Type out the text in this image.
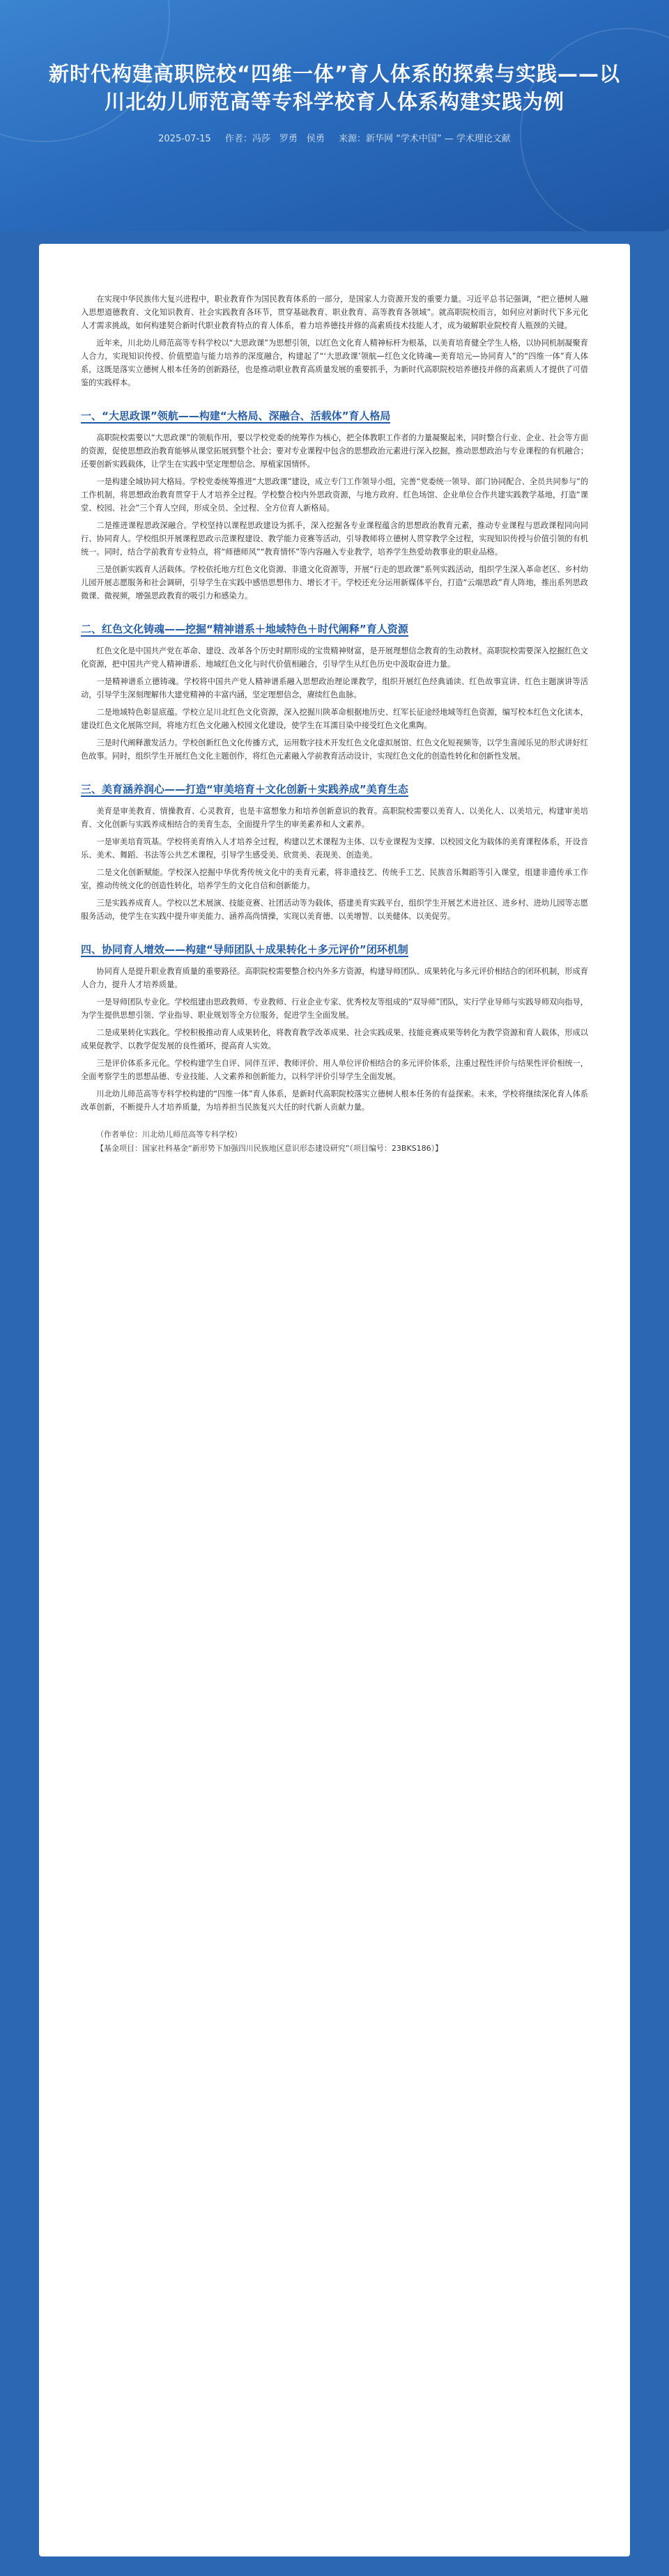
新时代构建高职院校“四维一体”育人体系的探索与实践——以川北幼儿师范高等专科学校育人体系构建实践为例
2025-07-15 作者：冯莎　罗勇　侯勇 来源：新华网 “学术中国” — 学术理论文献

在实现中华民族伟大复兴进程中，职业教育作为国民教育体系的一部分，是国家人力资源开发的重要力量。习近平总书记强调，“把立德树人融入思想道德教育、文化知识教育、社会实践教育各环节，贯穿基础教育、职业教育、高等教育各领域”。就高职院校而言，如何应对新时代下多元化人才需求挑战，如何构建契合新时代职业教育特点的育人体系，着力培养德技并修的高素质技术技能人才，成为破解职业院校育人瓶颈的关键。

近年来，川北幼儿师范高等专科学校以“大思政课”为思想引领，以红色文化育人精神标杆为根基，以美育培育健全学生人格，以协同机制凝聚育人合力，实现知识传授、价值塑造与能力培养的深度融合，构建起了“‘大思政课’领航—红色文化铸魂—美育培元—协同育人”的“四维一体”育人体系，这既是落实立德树人根本任务的创新路径，也是推动职业教育高质量发展的重要抓手，为新时代高职院校培养德技并修的高素质人才提供了可借鉴的实践样本。

一、“大思政课”领航——构建“大格局、深融合、活载体”育人格局

高职院校需要以“大思政课”的领航作用，要以学校党委的统筹作为核心，把全体教职工作者的力量凝聚起来，同时整合行业、企业、社会等方面的资源，促使思想政治教育能够从课堂拓展到整个社会；要对专业课程中包含的思想政治元素进行深入挖掘，推动思想政治与专业课程的有机融合；还要创新实践载体，让学生在实践中坚定理想信念、厚植家国情怀。

一是构建全域协同大格局。学校党委统筹推进“大思政课”建设，成立专门工作领导小组，完善“党委统一领导、部门协同配合、全员共同参与”的工作机制，将思想政治教育贯穿于人才培养全过程。学校整合校内外思政资源，与地方政府、红色场馆、企业单位合作共建实践教学基地，打造“课堂、校园、社会”三个育人空间，形成全员、全过程、全方位育人新格局。

二是推进课程思政深融合。学校坚持以课程思政建设为抓手，深入挖掘各专业课程蕴含的思想政治教育元素，推动专业课程与思政课程同向同行、协同育人。学校组织开展课程思政示范课程建设、教学能力竞赛等活动，引导教师将立德树人贯穿教学全过程，实现知识传授与价值引领的有机统一。同时，结合学前教育专业特点，将“师德师风”“教育情怀”等内容融入专业教学，培养学生热爱幼教事业的职业品格。

三是创新实践育人活载体。学校依托地方红色文化资源、非遗文化资源等，开展“行走的思政课”系列实践活动，组织学生深入革命老区、乡村幼儿园开展志愿服务和社会调研，引导学生在实践中感悟思想伟力、增长才干。学校还充分运用新媒体平台，打造“云端思政”育人阵地，推出系列思政微课、微视频，增强思政教育的吸引力和感染力。

二、红色文化铸魂——挖掘“精神谱系＋地域特色＋时代阐释”育人资源

红色文化是中国共产党在革命、建设、改革各个历史时期形成的宝贵精神财富，是开展理想信念教育的生动教材。高职院校需要深入挖掘红色文化资源，把中国共产党人精神谱系、地域红色文化与时代价值相融合，引导学生从红色历史中汲取奋进力量。

一是精神谱系立德铸魂。学校将中国共产党人精神谱系融入思想政治理论课教学，组织开展红色经典诵读、红色故事宣讲、红色主题演讲等活动，引导学生深刻理解伟大建党精神的丰富内涵，坚定理想信念，赓续红色血脉。

二是地域特色彰显底蕴。学校立足川北红色文化资源，深入挖掘川陕革命根据地历史、红军长征途经地域等红色资源，编写校本红色文化读本，建设红色文化展陈空间，将地方红色文化融入校园文化建设，使学生在耳濡目染中接受红色文化熏陶。

三是时代阐释激发活力。学校创新红色文化传播方式，运用数字技术开发红色文化虚拟展馆、红色文化短视频等，以学生喜闻乐见的形式讲好红色故事。同时，组织学生开展红色文化主题创作，将红色元素融入学前教育活动设计，实现红色文化的创造性转化和创新性发展。

三、美育涵养润心——打造“审美培育＋文化创新＋实践养成”美育生态

美育是审美教育、情操教育、心灵教育，也是丰富想象力和培养创新意识的教育。高职院校需要以美育人、以美化人、以美培元，构建审美培育、文化创新与实践养成相结合的美育生态，全面提升学生的审美素养和人文素养。

一是审美培育筑基。学校将美育纳入人才培养全过程，构建以艺术课程为主体、以专业课程为支撑、以校园文化为载体的美育课程体系，开设音乐、美术、舞蹈、书法等公共艺术课程，引导学生感受美、欣赏美、表现美、创造美。

二是文化创新赋能。学校深入挖掘中华优秀传统文化中的美育元素，将非遗技艺、传统手工艺、民族音乐舞蹈等引入课堂，组建非遗传承工作室，推动传统文化的创造性转化，培养学生的文化自信和创新能力。

三是实践养成育人。学校以艺术展演、技能竞赛、社团活动等为载体，搭建美育实践平台，组织学生开展艺术进社区、进乡村、进幼儿园等志愿服务活动，使学生在实践中提升审美能力、涵养高尚情操，实现以美育德、以美增智、以美健体、以美促劳。

四、协同育人增效——构建“导师团队＋成果转化＋多元评价”闭环机制

协同育人是提升职业教育质量的重要路径。高职院校需要整合校内外多方资源，构建导师团队、成果转化与多元评价相结合的闭环机制，形成育人合力，提升人才培养质量。

一是导师团队专业化。学校组建由思政教师、专业教师、行业企业专家、优秀校友等组成的“双导师”团队，实行学业导师与实践导师双向指导，为学生提供思想引领、学业指导、职业规划等全方位服务，促进学生全面发展。

二是成果转化实践化。学校积极推动育人成果转化，将教育教学改革成果、社会实践成果、技能竞赛成果等转化为教学资源和育人载体，形成以成果促教学、以教学促发展的良性循环，提高育人实效。

三是评价体系多元化。学校构建学生自评、同伴互评、教师评价、用人单位评价相结合的多元评价体系，注重过程性评价与结果性评价相统一，全面考察学生的思想品德、专业技能、人文素养和创新能力，以科学评价引导学生全面发展。

川北幼儿师范高等专科学校构建的“四维一体”育人体系，是新时代高职院校落实立德树人根本任务的有益探索。未来，学校将继续深化育人体系改革创新，不断提升人才培养质量，为培养担当民族复兴大任的时代新人贡献力量。

（作者单位：川北幼儿师范高等专科学校）

【基金项目：国家社科基金“新形势下加强四川民族地区意识形态建设研究”（项目编号：23BKS186）】
